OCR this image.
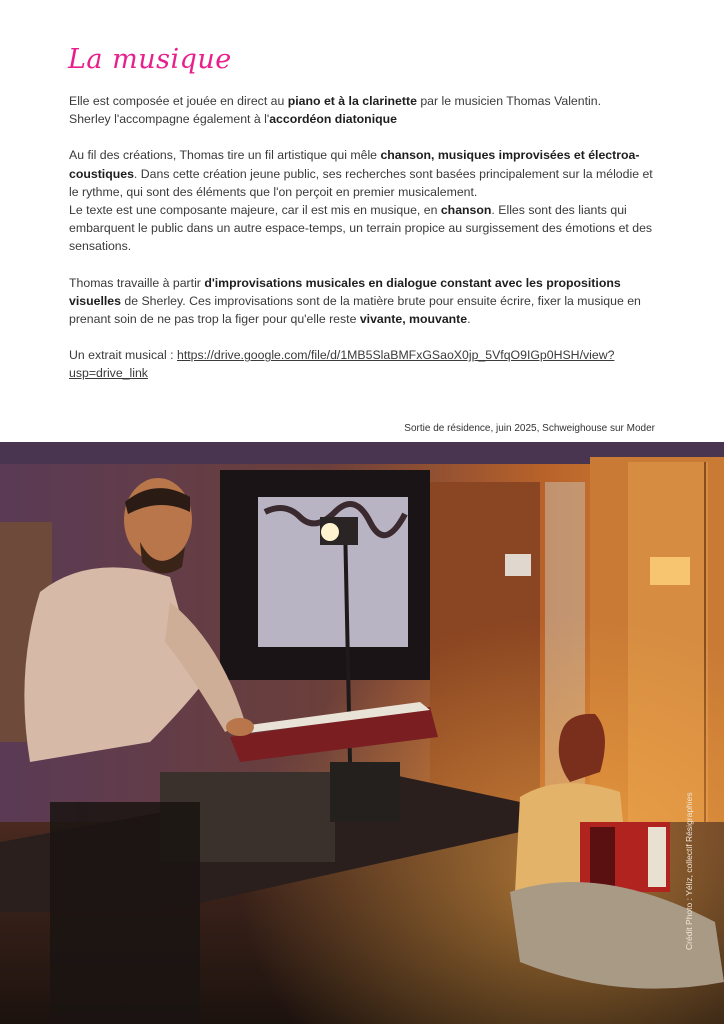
La musique

Elle est composée et jouée en direct au piano et à la clarinette par le musicien Thomas Valentin.
Sherley l'accompagne également à l'accordéon diatonique

Au fil des créations, Thomas tire un fil artistique qui mêle chanson, musiques improvisées et électroacoustiques. Dans cette création jeune public, ses recherches sont basées principalement sur la mélodie et le rythme, qui sont des éléments que l'on perçoit en premier musicalement.
Le texte est une composante majeure, car il est mis en musique, en chanson. Elles sont des liants qui embarquent le public dans un autre espace-temps, un terrain propice au surgissement des émotions et des sensations.

Thomas travaille à partir d'improvisations musicales en dialogue constant avec les propositions visuelles de Sherley. Ces improvisations sont de la matière brute pour ensuite écrire, fixer la musique en prenant soin de ne pas trop la figer pour qu'elle reste vivante, mouvante.

Un extrait musical : https://drive.google.com/file/d/1MB5SlaBMFxGSaoX0jp_5VfqO9IGp0HSH/view?usp=drive_link

Sortie de résidence, juin 2025, Schweighouse sur Moder
Crédit Photo : Yéliz, collectif Résigraphies
